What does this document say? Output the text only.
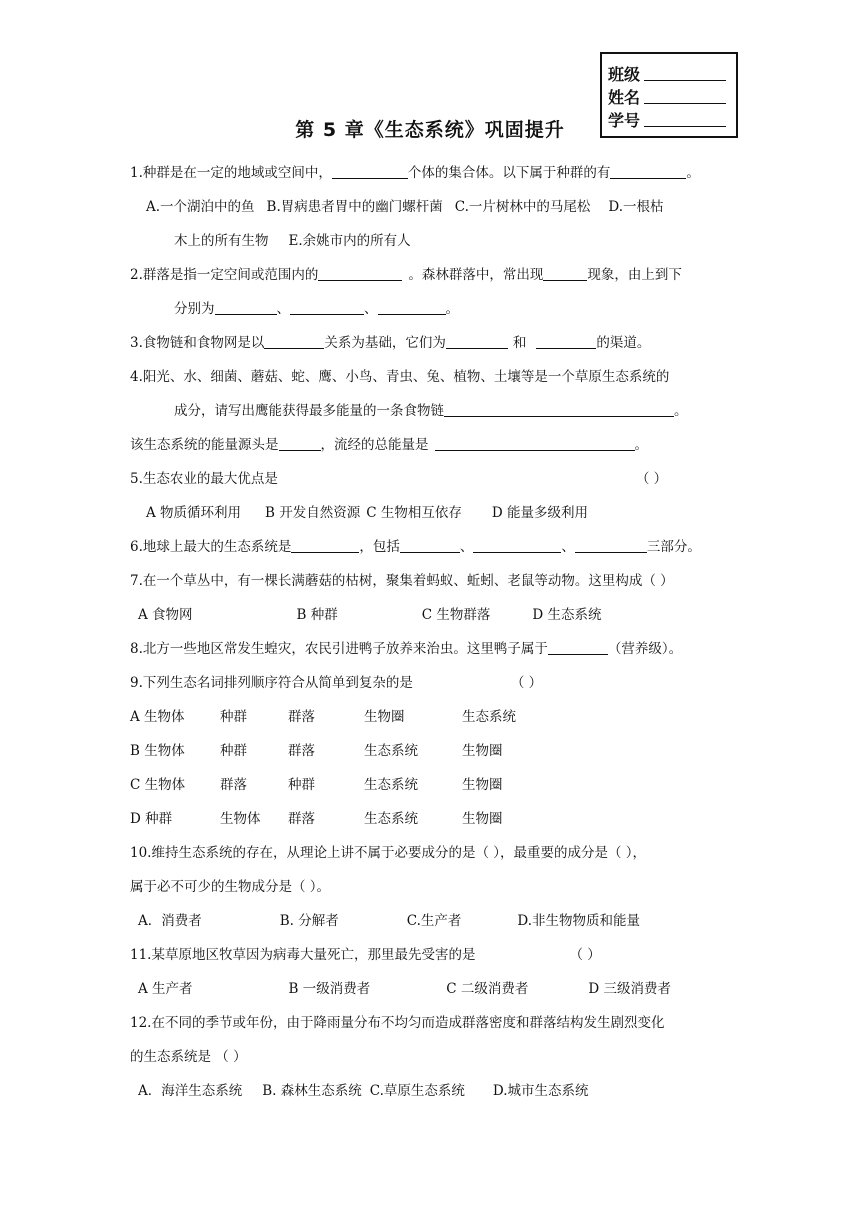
班级
姓名
学号
第 5 章《生态系统》巩固提升
1.种群是在一定的地域或空间中，	个体的集合体。以下属于种群的有	。
A.一个湖泊中的鱼 B.胃病患者胃中的幽门螺杆菌 C.一片树林中的马尾松 D.一根枯
木上的所有生物 E.余姚市内的所有人
2.群落是指一定空间或范围内的	。森林群落中，常出现	现象，由上到下
分别为	、	、	。
3.食物链和食物网是以	关系为基础，它们为	和	的渠道。
4.阳光、水、细菌、蘑菇、蛇、鹰、小鸟、青虫、兔、植物、土壤等是一个草原生态系统的
成分，请写出鹰能获得最多能量的一条食物链	。
该生态系统的能量源头是	，流经的总能量是	。
5.生态农业的最大优点是	（ ）
A 物质循环利用 B 开发自然资源 C 生物相互依存 D 能量多级利用
6.地球上最大的生态系统是	，包括	、	、	三部分。
7.在一个草丛中，有一棵长满蘑菇的枯树，聚集着蚂蚁、蚯蚓、老鼠等动物。这里构成（ ）
A 食物网	B 种群	C 生物群落	D 生态系统
8.北方一些地区常发生蝗灾，农民引进鸭子放养来治虫。这里鸭子属于	（营养级）。
9.下列生态名词排列顺序符合从简单到复杂的是	（ ）
A 生物体	种群	群落	生物圈	生态系统
B 生物体	种群	群落	生态系统	生物圈
C 生物体	群落	种群	生态系统	生物圈
D 种群	生物体 群落	生态系统	生物圈
10.维持生态系统的存在，从理论上讲不属于必要成分的是（ ），最重要的成分是（ ），
属于必不可少的生物成分是（ ）。
A．消费者	B. 分解者	C.生产者	D.非生物物质和能量
11.某草原地区牧草因为病毒大量死亡，那里最先受害的是	（ ）
A 生产者	B 一级消费者	C 二级消费者	D 三级消费者
12.在不同的季节或年份，由于降雨量分布不均匀而造成群落密度和群落结构发生剧烈变化
的生态系统是 （ ）
A．海洋生态系统 B. 森林生态系统 C.草原生态系统 D.城市生态系统
